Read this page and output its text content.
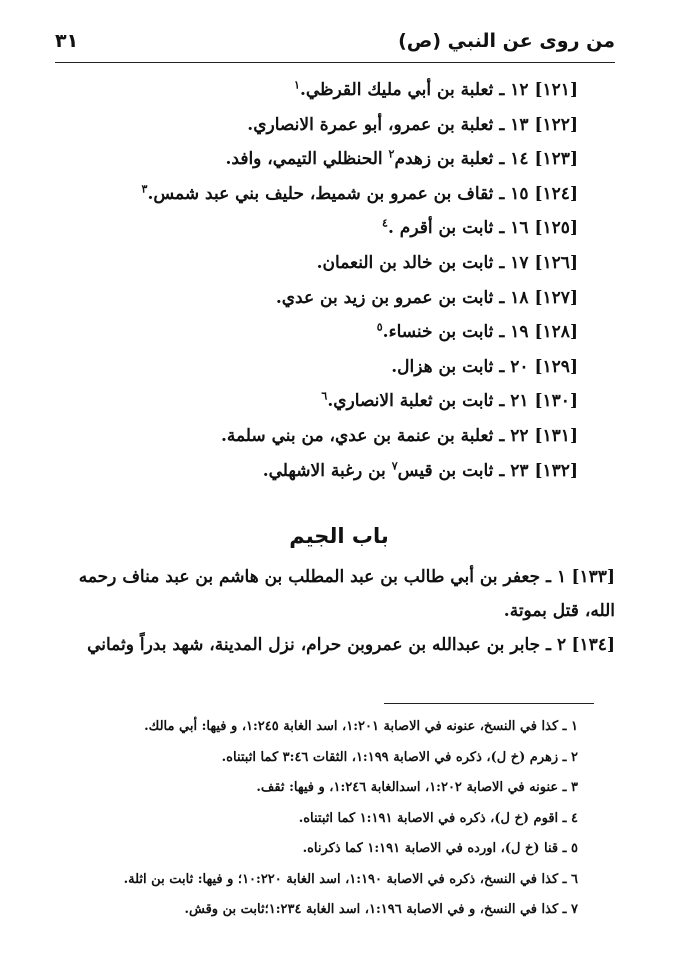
من روى عن النبي (ص)
٣١
[١٢١]١٢ ـ ثعلبة بن أبي مليك القرظي.$^١$
[١٢٢]١٣ ـ ثعلبة بن عمرو، أبو عمرة الانصاري.
[١٢٣]١٤ ـ ثعلبة بن زهدم$^٢$ الحنظلي التيمي، وافد.
[١٢٤]١٥ ـ ثقاف بن عمرو بن شميط، حليف بني عبد شمس.$^٣$
[١٢٥]١٦ ـ ثابت بن أقرم .$^٤$
[١٢٦]١٧ ـ ثابت بن خالد بن النعمان.
[١٢٧]١٨ ـ ثابت بن عمرو بن زيد بن عدي.
[١٢٨]١٩ ـ ثابت بن خنساء.$^٥$
[١٢٩]٢٠ ـ ثابت بن هزال.
[١٣٠]٢١ ـ ثابت بن ثعلبة الانصاري.$^٦$
[١٣١]٢٢ ـ ثعلبة بن عنمة بن عدي، من بني سلمة.
[١٣٢]٢٣ ـ ثابت بن قيس$^٧$ بن رغبة الاشهلي.
باب الجيم
[١٣٣] ١ ـ جعفر بن أبي طالب بن عبد المطلب بن هاشم بن عبد مناف رحمه الله، قتل بموتة.
[١٣٤] ٢ ـ جابر بن عبدالله بن عمروبن حرام، نزل المدينة، شهد بدراً وثماني
١ ـ كذا في النسخ، عنونه في الاصابة ١:٢٠١، اسد الغابة ١:٢٤٥، و فيها: أبي مالك.
٢ ـ زهرم (خ ل)، ذكره في الاصابة ١:١٩٩، الثقات ٣:٤٦ كما اثبتناه.
٣ ـ عنونه في الاصابة ١:٢٠٢، اسدالغابة ١:٢٤٦، و فيها: ثقف.
٤ ـ اقوم (خ ل)، ذكره في الاصابة ١:١٩١ كما اثبتناه.
٥ ـ قنا (خ ل)، اورده في الاصابة ١:١٩١ كما ذكرناه.
٦ ـ كذا في النسخ، ذكره في الاصابة ١:١٩٠، اسد الغابة ١٠:٢٢٠؛ و فيها: ثابت بن اثلة.
٧ ـ كذا في النسخ، و في الاصابة ١:١٩٦، اسد الغابة ١:٢٣٤؛ثابت بن وقش.
